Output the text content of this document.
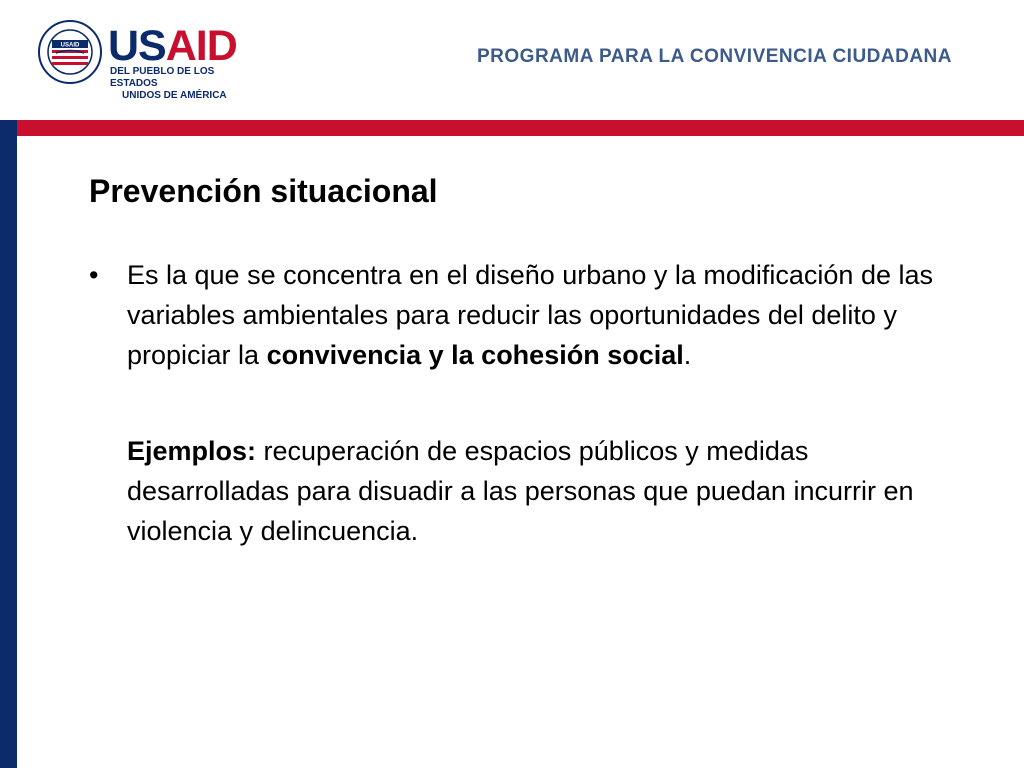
USAID USAID
DEL PUEBLO DE LOS ESTADOS
UNIDOS DE AMÉRICA
PROGRAMA PARA LA CONVIVENCIA CIUDADANA
Prevención situacional
•	Es la que se concentra en el diseño urbano y la modificación de las variables ambientales para reducir las oportunidades del delito y propiciar la convivencia y la cohesión social.

Ejemplos: recuperación de espacios públicos y medidas desarrolladas para disuadir a las personas que puedan incurrir en violencia y delincuencia.
